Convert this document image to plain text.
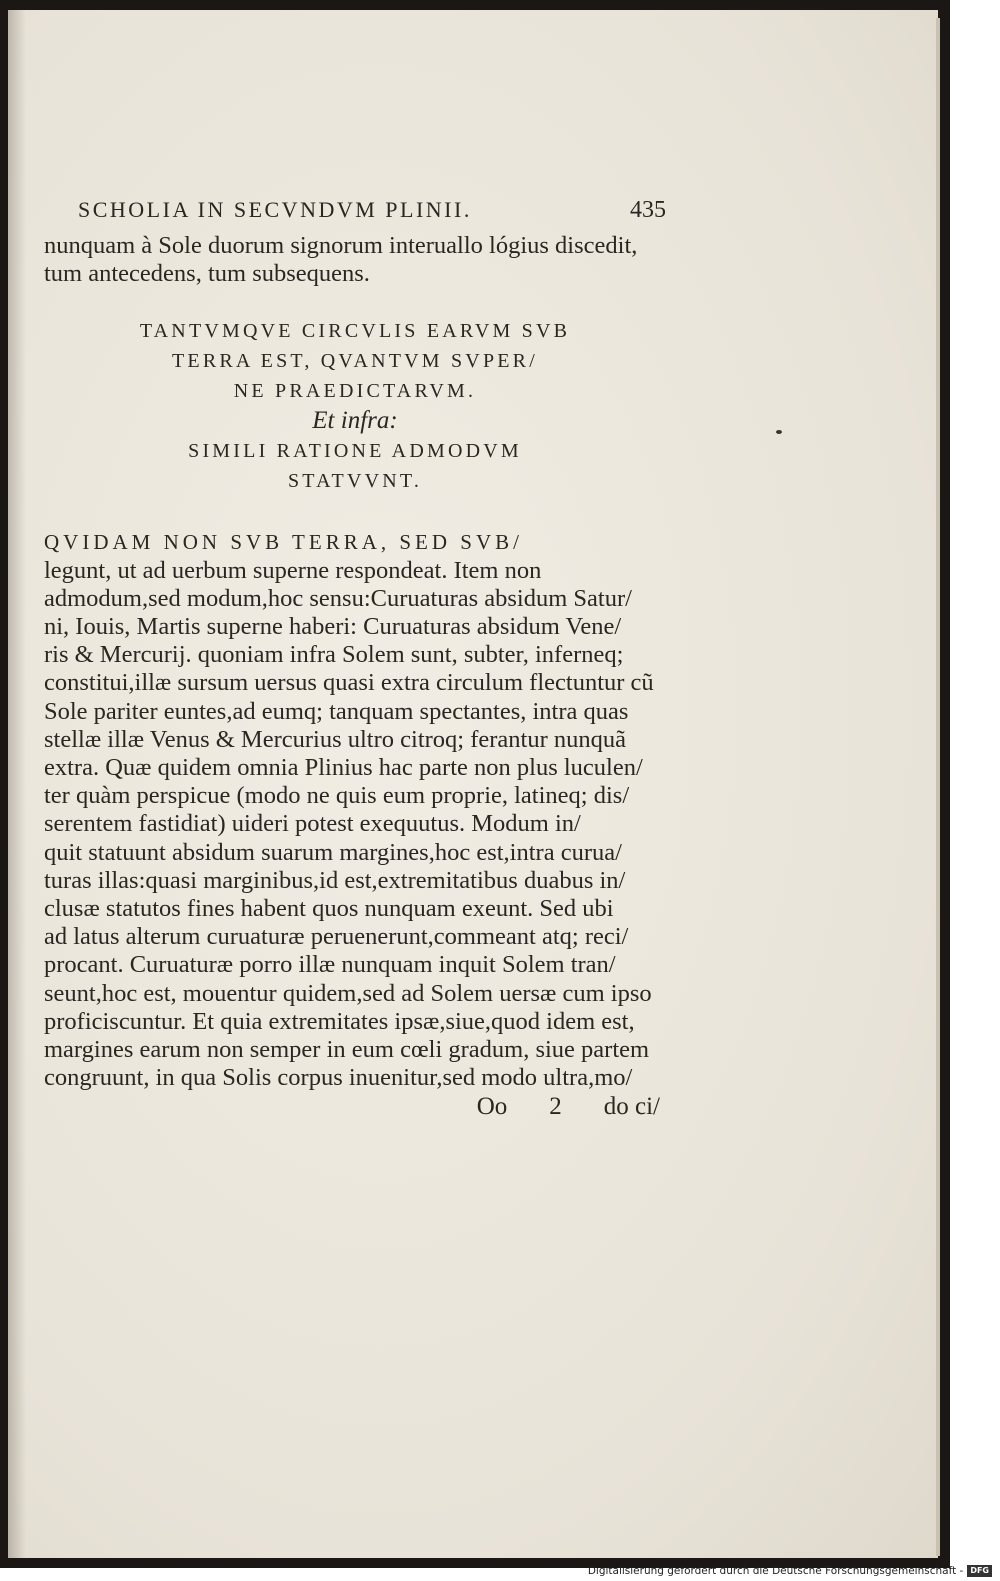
SCHOLIA IN SECVNDVM PLINII.	435

nunquam à Sole duorum signorum interuallo lógius discedit,
tum antecedens, tum subsequens.

TANTVMQVE CIRCVLIS EARVM SVB
TERRA EST, QVANTVM SVPER/
NE PRAEDICTARVM.
Et infra:
SIMILI RATIONE ADMODVM
STATVVNT.

QVIDAM NON SVB TERRA, SED SVB/
legunt, ut ad uerbum superne respondeat. Item non
admodum,sed modum,hoc sensu:Curuaturas absidum Satur/
ni, Iouis, Martis superne haberi: Curuaturas absidum Vene/
ris & Mercurij. quoniam infra Solem sunt, subter, inferneq;
constitui,illæ sursum uersus quasi extra circulum flectuntur cũ
Sole pariter euntes,ad eumq; tanquam spectantes, intra quas
stellæ illæ Venus & Mercurius ultro citroq; ferantur nunquã
extra. Quæ quidem omnia Plinius hac parte non plus luculen/
ter quàm perspicue (modo ne quis eum proprie, latineq; dis/
serentem fastidiat) uideri potest exequutus. Modum in/
quit statuunt absidum suarum margines,hoc est,intra curua/
turas illas:quasi marginibus,id est,extremitatibus duabus in/
clusæ statutos fines habent quos nunquam exeunt. Sed ubi
ad latus alterum curuaturæ peruenerunt,commeant atq; reci/
procant. Curuaturæ porro illæ nunquam inquit Solem tran/
seunt,hoc est, mouentur quidem,sed ad Solem uersæ cum ipso
proficiscuntur. Et quia extremitates ipsæ,siue,quod idem est,
margines earum non semper in eum cœli gradum, siue partem
congruunt, in qua Solis corpus inuenitur,sed modo ultra,mo/

Oo 2 do ci/
Digitalisierung gefördert durch die Deutsche Forschungsgemeinschaft - DFG
